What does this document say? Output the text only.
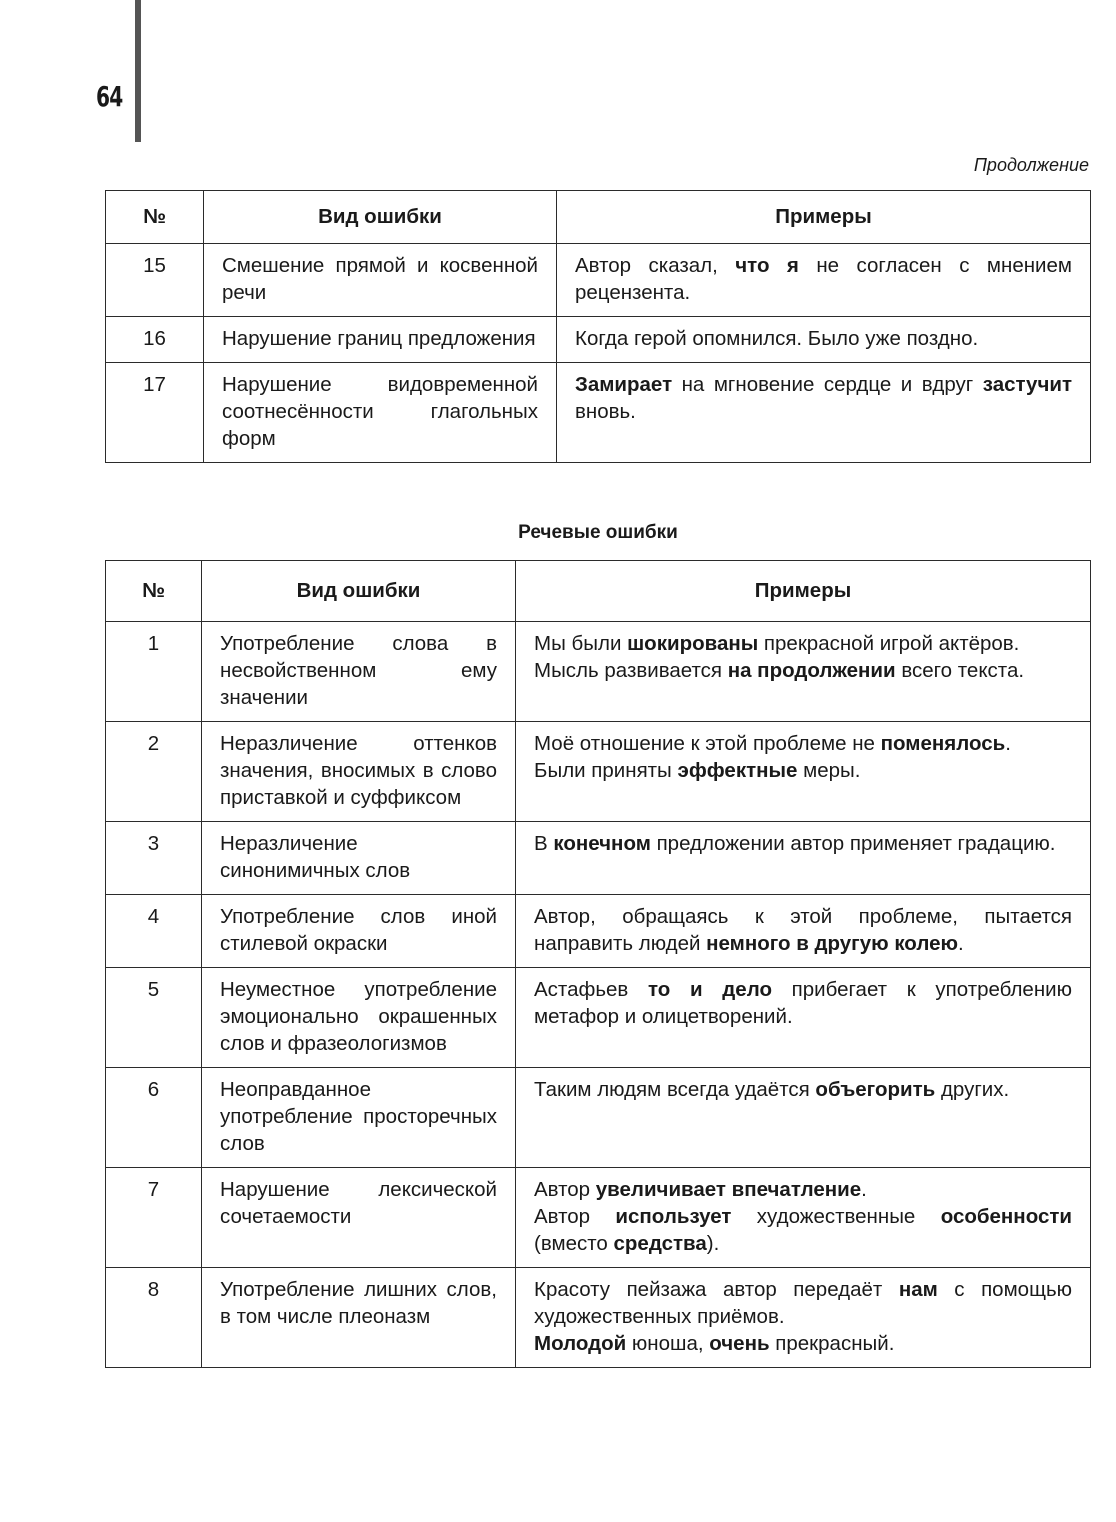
64

Продолжение

№	Вид ошибки	Примеры
15	Смешение прямой и косвенной речи	Автор сказал, что я не согласен с мнением рецензента.

16	Нарушение границ предложения	Когда герой опомнился. Было уже поздно.

17	Нарушение видовременной соотнесённости глагольных форм	Замирает на мгновение сердце и вдруг застучит вновь.

Речевые ошибки

№	Вид ошибки	Примеры
1	Употребление слова в несвойственном ему значении	Мы были шокированы прекрасной игрой актёров.

Мысль развивается на продолжении всего текста.

2	Неразличение оттенков значения, вносимых в слово приставкой и суффиксом	Моё отношение к этой проблеме не поменялось.

Были приняты эффектные меры.

3	Неразличение синонимичных слов	В конечном предложении автор применяет градацию.

4	Употребление слов иной стилевой окраски	Автор, обращаясь к этой проблеме, пытается направить людей немного в другую колею.

5	Неуместное употребление эмоционально окрашенных слов и фразеологизмов	Астафьев то и дело прибегает к употреблению метафор и олицетворений.

6	Неоправданное употребление просторечных слов	Таким людям всегда удаётся объегорить других.

7	Нарушение лексической сочетаемости	Автор увеличивает впечатление.

Автор использует художественные особенности (вместо средства).

8	Употребление лишних слов, в том числе плеоназм	Красоту пейзажа автор передаёт нам с помощью художественных приёмов.

Молодой юноша, очень прекрасный.
